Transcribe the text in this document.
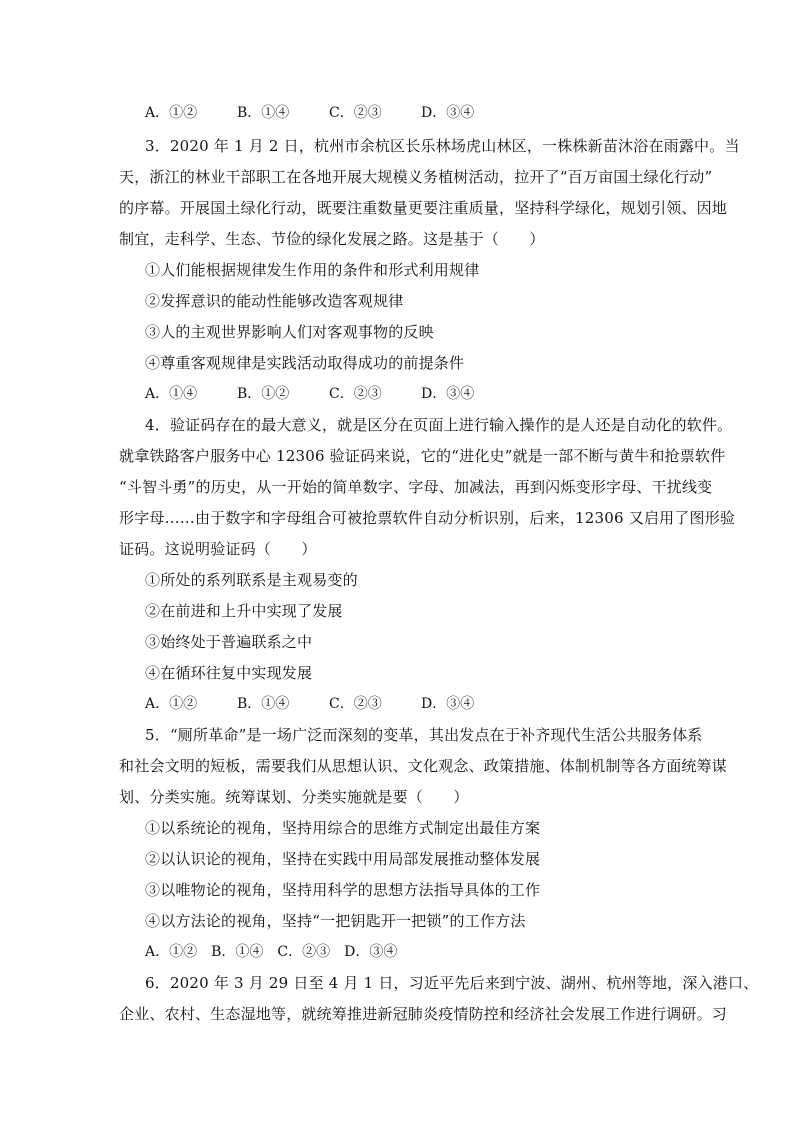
A．①②	B．①④	C．②③	D．③④
3．2020 年 1 月 2 日，杭州市余杭区长乐林场虎山林区，一株株新苗沐浴在雨露中。当
天，浙江的林业干部职工在各地开展大规模义务植树活动，拉开了“百万亩国土绿化行动”
的序幕。开展国土绿化行动，既要注重数量更要注重质量，坚持科学绿化，规划引领、因地
制宜，走科学、生态、节俭的绿化发展之路。这是基于（　　）
①人们能根据规律发生作用的条件和形式利用规律
②发挥意识的能动性能够改造客观规律
③人的主观世界影响人们对客观事物的反映
④尊重客观规律是实践活动取得成功的前提条件
A．①④	B．①②	C．②③	D．③④
4．验证码存在的最大意义，就是区分在页面上进行输入操作的是人还是自动化的软件。
就拿铁路客户服务中心 12306 验证码来说，它的“进化史”就是一部不断与黄牛和抢票软件
“斗智斗勇”的历史，从一开始的简单数字、字母、加减法，再到闪烁变形字母、干扰线变
形字母……由于数字和字母组合可被抢票软件自动分析识别，后来，12306 又启用了图形验
证码。这说明验证码（　　）
①所处的系列联系是主观易变的
②在前进和上升中实现了发展
③始终处于普遍联系之中
④在循环往复中实现发展
A．①②	B．①④	C．②③	D．③④
5．“厕所革命”是一场广泛而深刻的变革，其出发点在于补齐现代生活公共服务体系
和社会文明的短板，需要我们从思想认识、文化观念、政策措施、体制机制等各方面统筹谋
划、分类实施。统筹谋划、分类实施就是要（　　）
①以系统论的视角，坚持用综合的思维方式制定出最佳方案
②以认识论的视角，坚持在实践中用局部发展推动整体发展
③以唯物论的视角，坚持用科学的思想方法指导具体的工作
④以方法论的视角，坚持“一把钥匙开一把锁”的工作方法
A．①② B．①④ C．②③ D．③④
6．2020 年 3 月 29 日至 4 月 1 日，习近平先后来到宁波、湖州、杭州等地，深入港口、
企业、农村、生态湿地等，就统筹推进新冠肺炎疫情防控和经济社会发展工作进行调研。习
